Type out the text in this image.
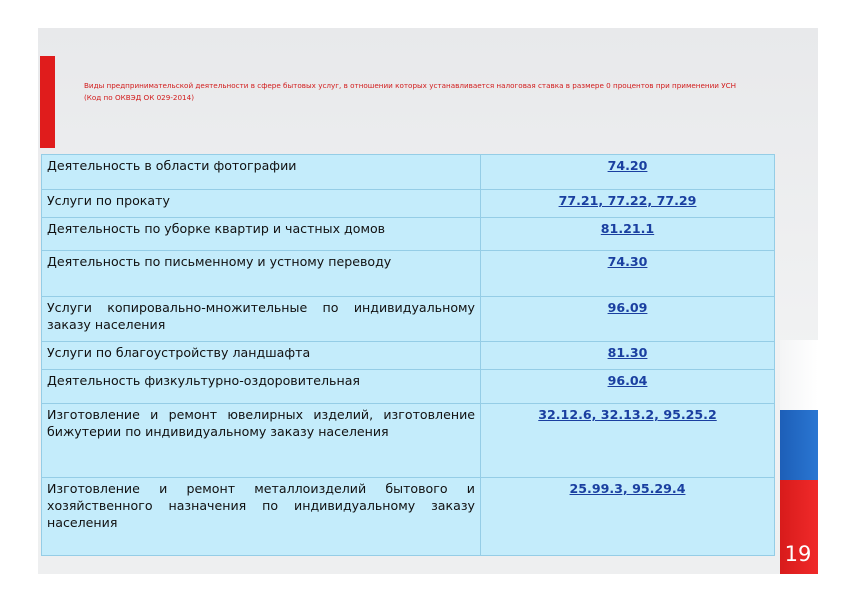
Виды предпринимательской деятельности в сфере бытовых услуг, в отношении которых устанавливается налоговая ставка в размере 0 процентов при применении УСН
(Код по ОКВЭД ОК 029-2014)
Деятельность в области фотографии	74.20
Услуги по прокату	77.21, 77.22, 77.29
Деятельность по уборке квартир и частных домов	81.21.1
Деятельность по письменному и устному переводу	74.30
Услуги копировально-множительные по индивидуальному заказу населения	96.09
Услуги по благоустройству ландшафта	81.30
Деятельность физкультурно-оздоровительная	96.04
Изготовление и ремонт ювелирных изделий, изготовление бижутерии по индивидуальному заказу населения	32.12.6, 32.13.2, 95.25.2
Изготовление и ремонт металлоизделий бытового и хозяйственного назначения по индивидуальному заказу населения	25.99.3, 95.29.4
19
